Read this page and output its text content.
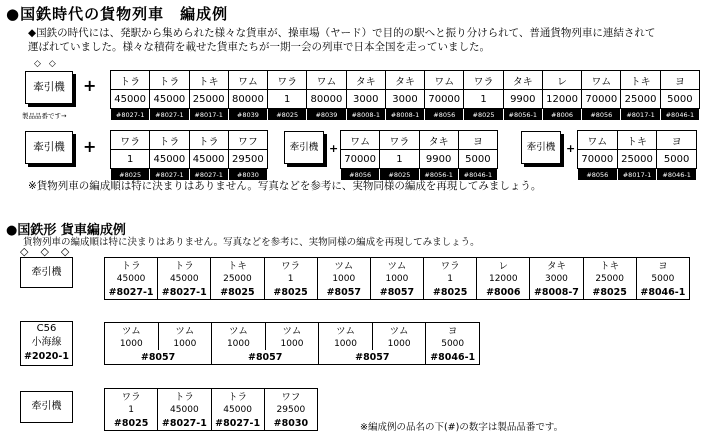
●国鉄時代の貨物列車　編成例
◆国鉄の時代には、発駅から集められた様々な貨車が、操車場（ヤード）で目的の駅へと振り分けられて、普通貨物列車に連結されて
運ばれていました。様々な積荷を載せた貨車たちが一期一会の列車で日本全国を走っていました。
◇◇
牽引機	+
製品品番です→
トラ	トラ	トキ	ワム	ワラ	ワム	タキ	タキ	ワム	ワラ	タキ	レ	ワム	トキ	ヨ
45000	45000	25000	80000	1	80000	3000	3000	70000	1	9900	12000	70000	25000	5000
#8027-1	#8027-1	#8017-1	#8039	#8025	#8039	#8008-1	#8008-1	#8056	#8025	#8056-1	#8006	#8056	#8017-1	#8046-1
牽引機	+ ワラ	トラ	トラ	ワフ
1	45000	45000	29500
#8025	#8027-1	#8027-1	#8030
牽引機 + ワム	ワラ	タキ	ヨ
70000	1	9900	5000
#8056	#8025	#8056-1	#8046-1
牽引機 + ワム	トキ	ヨ
70000	25000	5000
#8056	#8017-1	#8046-1
※貨物列車の編成順は特に決まりはありません。写真などを参考に、実物同様の編成を再現してみましょう。
●国鉄形 貨車編成例
貨物列車の編成順は特に決まりはありません。写真などを参考に、実物同様の編成を再現してみましょう。
◇◇◇
牽引機
トラ	トラ	トキ	ワラ	ツム	ツム	ワラ	レ	タキ	トキ	ヨ
45000	45000	25000	1	1000	1000	1	12000	3000	25000	5000
#8027-1	#8027-1	#8025	#8025	#8057	#8057	#8025	#8006	#8008-7	#8025	#8046-1
C56
小海線
#2020-1
ツム	ツム	ツム	ツム	ツム	ツム	ヨ
1000	1000	1000	1000	1000	1000	5000
#8057		#8057		#8057		#8046-1
牽引機
ワラ	トラ	トラ	ワフ
1	45000	45000	29500
#8025	#8027-1	#8027-1	#8030	※編成例の品名の下(#)の数字は製品品番です。
